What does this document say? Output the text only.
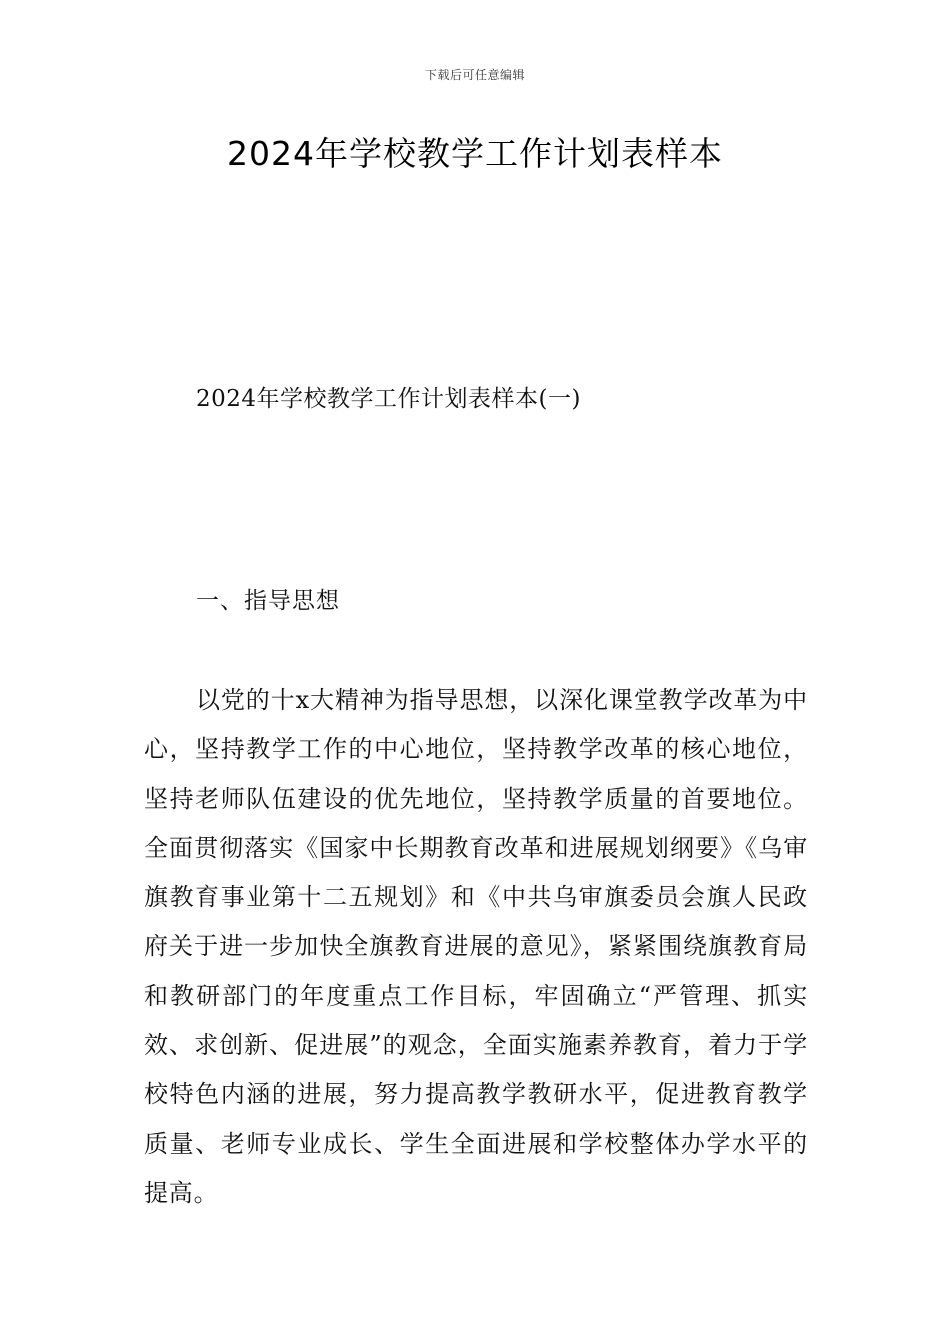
下载后可任意编辑
2024年学校教学工作计划表样本
2024年学校教学工作计划表样本(一)
一、指导思想

以党的十x大精神为指导思想，以深化课堂教学改革为中心，坚持教学工作的中心地位，坚持教学改革的核心地位，坚持老师队伍建设的优先地位，坚持教学质量的首要地位。全面贯彻落实《国家中长期教育改革和进展规划纲要》《乌审旗教育事业第十二五规划》和《中共乌审旗委员会旗人民政府关于进一步加快全旗教育进展的意见》，紧紧围绕旗教育局和教研部门的年度重点工作目标，牢固确立“严管理、抓实效、求创新、促进展”的观念，全面实施素养教育，着力于学校特色内涵的进展，努力提高教学教研水平，促进教育教学质量、老师专业成长、学生全面进展和学校整体办学水平的提高。
